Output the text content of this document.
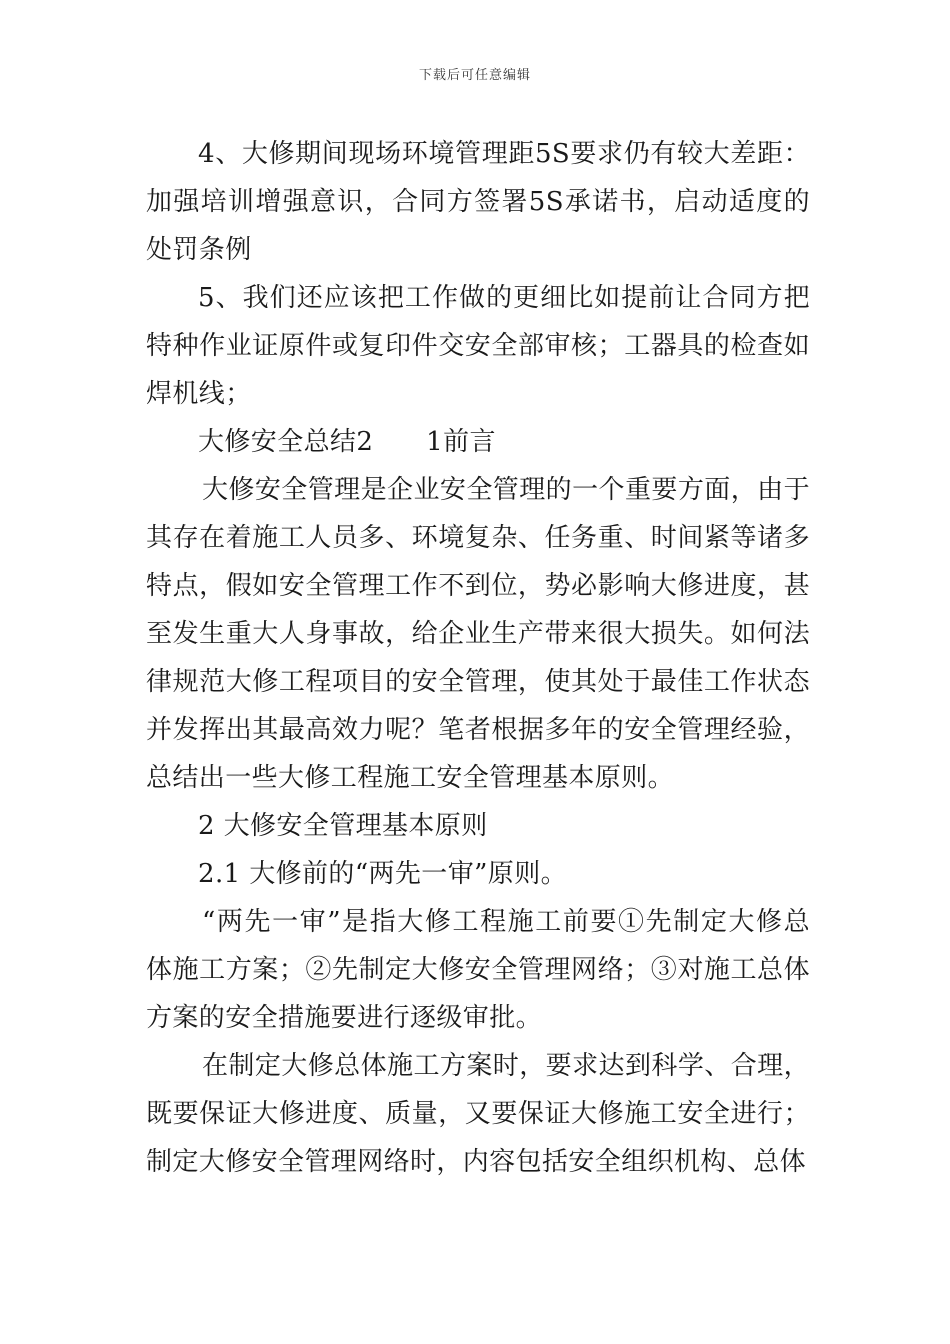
下载后可任意编辑

4、大修期间现场环境管理距5S要求仍有较大差距：加强培训增强意识，合同方签署5S承诺书，启动适度的处罚条例

5、我们还应该把工作做的更细比如提前让合同方把特种作业证原件或复印件交安全部审核；工器具的检查如焊机线；

大修安全总结2　　1前言

大修安全管理是企业安全管理的一个重要方面，由于其存在着施工人员多、环境复杂、任务重、时间紧等诸多特点，假如安全管理工作不到位，势必影响大修进度，甚至发生重大人身事故，给企业生产带来很大损失。如何法律规范大修工程项目的安全管理，使其处于最佳工作状态并发挥出其最高效力呢？笔者根据多年的安全管理经验，总结出一些大修工程施工安全管理基本原则。

2 大修安全管理基本原则

2.1 大修前的“两先一审”原则。

“两先一审”是指大修工程施工前要①先制定大修总体施工方案；②先制定大修安全管理网络；③对施工总体方案的安全措施要进行逐级审批。

在制定大修总体施工方案时，要求达到科学、合理，既要保证大修进度、质量，又要保证大修施工安全进行；制定大修安全管理网络时，内容包括安全组织机构、总体
